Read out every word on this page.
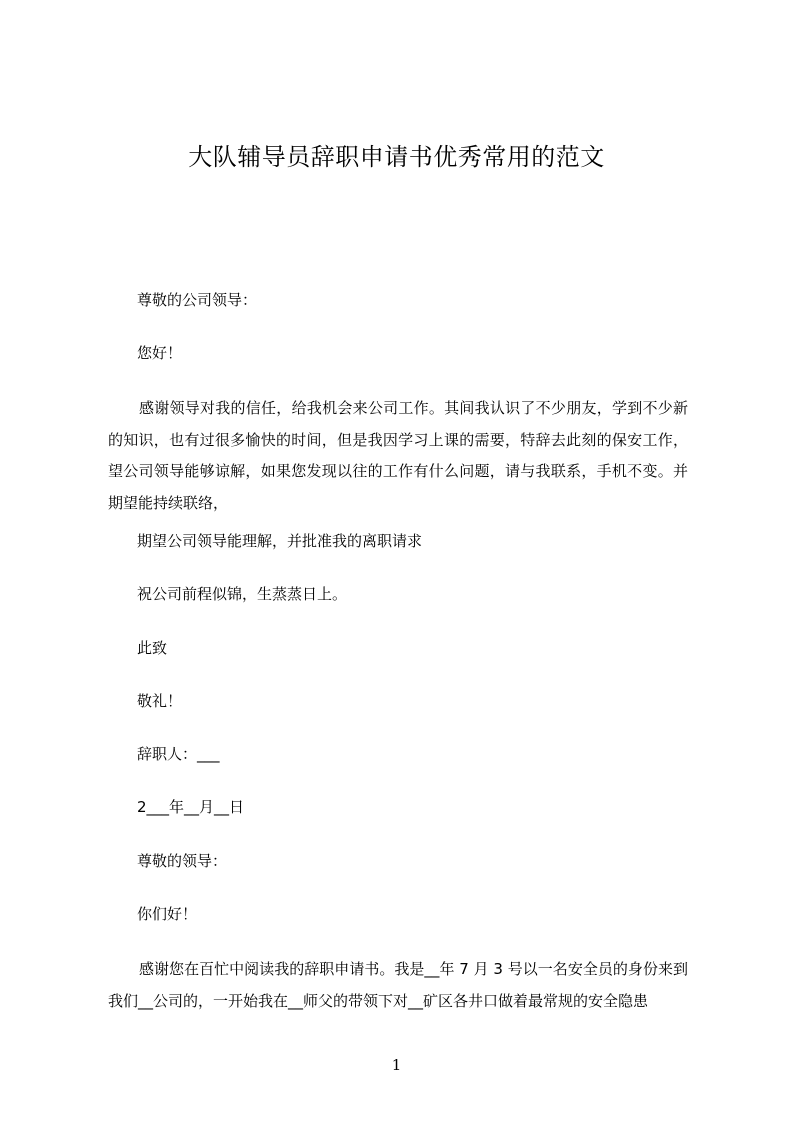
大队辅导员辞职申请书优秀常用的范文
尊敬的公司领导：
您好！
感谢领导对我的信任，给我机会来公司工作。其间我认识了不少朋友，学到不少新的知识，也有过很多愉快的时间，但是我因学习上课的需要，特辞去此刻的保安工作，望公司领导能够谅解，如果您发现以往的工作有什么问题，请与我联系，手机不变。并期望能持续联络，
期望公司领导能理解，并批准我的离职请求
祝公司前程似锦，生蒸蒸日上。
此致
敬礼！
辞职人：___
2___年__月__日
尊敬的领导：
你们好！
感谢您在百忙中阅读我的辞职申请书。我是__年 7 月 3 号以一名安全员的身份来到我们__公司的，一开始我在__师父的带领下对__矿区各井口做着最常规的安全隐患
1
